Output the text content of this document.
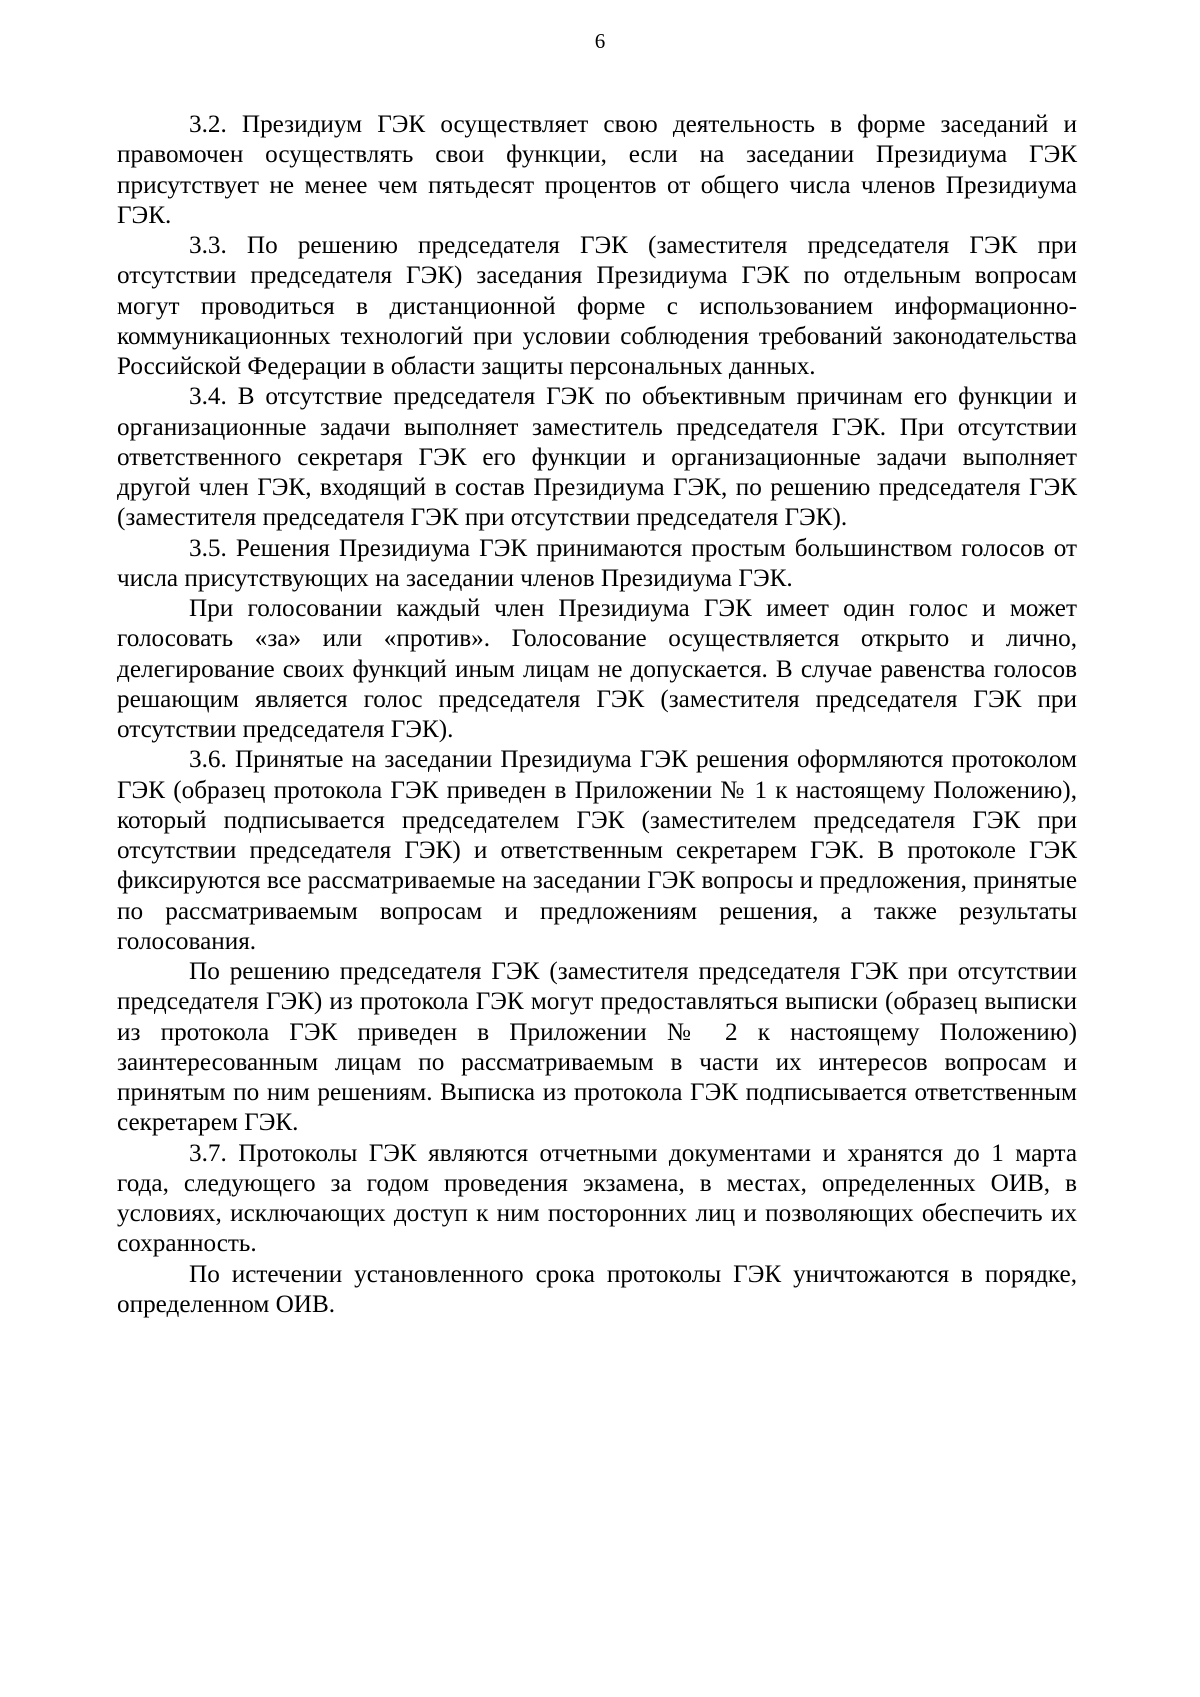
6

3.2. Президиум ГЭК осуществляет свою деятельность в форме заседаний и правомочен осуществлять свои функции, если на заседании Президиума ГЭК присутствует не менее чем пятьдесят процентов от общего числа членов Президиума ГЭК.

3.3. По решению председателя ГЭК (заместителя председателя ГЭК при отсутствии председателя ГЭК) заседания Президиума ГЭК по отдельным вопросам могут проводиться в дистанционной форме с использованием информационно-коммуникационных технологий при условии соблюдения требований законодательства Российской Федерации в области защиты персональных данных.

3.4. В отсутствие председателя ГЭК по объективным причинам его функции и организационные задачи выполняет заместитель председателя ГЭК. При отсутствии ответственного секретаря ГЭК его функции и организационные задачи выполняет другой член ГЭК, входящий в состав Президиума ГЭК, по решению председателя ГЭК (заместителя председателя ГЭК при отсутствии председателя ГЭК).

3.5. Решения Президиума ГЭК принимаются простым большинством голосов от числа присутствующих на заседании членов Президиума ГЭК.

При голосовании каждый член Президиума ГЭК имеет один голос и может голосовать «за» или «против». Голосование осуществляется открыто и лично, делегирование своих функций иным лицам не допускается. В случае равенства голосов решающим является голос председателя ГЭК (заместителя председателя ГЭК при отсутствии председателя ГЭК).

3.6. Принятые на заседании Президиума ГЭК решения оформляются протоколом ГЭК (образец протокола ГЭК приведен в Приложении № 1 к настоящему Положению), который подписывается председателем ГЭК (заместителем председателя ГЭК при отсутствии председателя ГЭК) и ответственным секретарем ГЭК. В протоколе ГЭК фиксируются все рассматриваемые на заседании ГЭК вопросы и предложения, принятые по рассматриваемым вопросам и предложениям решения, а также результаты голосования.

По решению председателя ГЭК (заместителя председателя ГЭК при отсутствии председателя ГЭК) из протокола ГЭК могут предоставляться выписки (образец выписки из протокола ГЭК приведен в Приложении № 2 к настоящему Положению) заинтересованным лицам по рассматриваемым в части их интересов вопросам и принятым по ним решениям. Выписка из протокола ГЭК подписывается ответственным секретарем ГЭК.

3.7. Протоколы ГЭК являются отчетными документами и хранятся до 1 марта года, следующего за годом проведения экзамена, в местах, определенных ОИВ, в условиях, исключающих доступ к ним посторонних лиц и позволяющих обеспечить их сохранность.

По истечении установленного срока протоколы ГЭК уничтожаются в порядке, определенном ОИВ.
